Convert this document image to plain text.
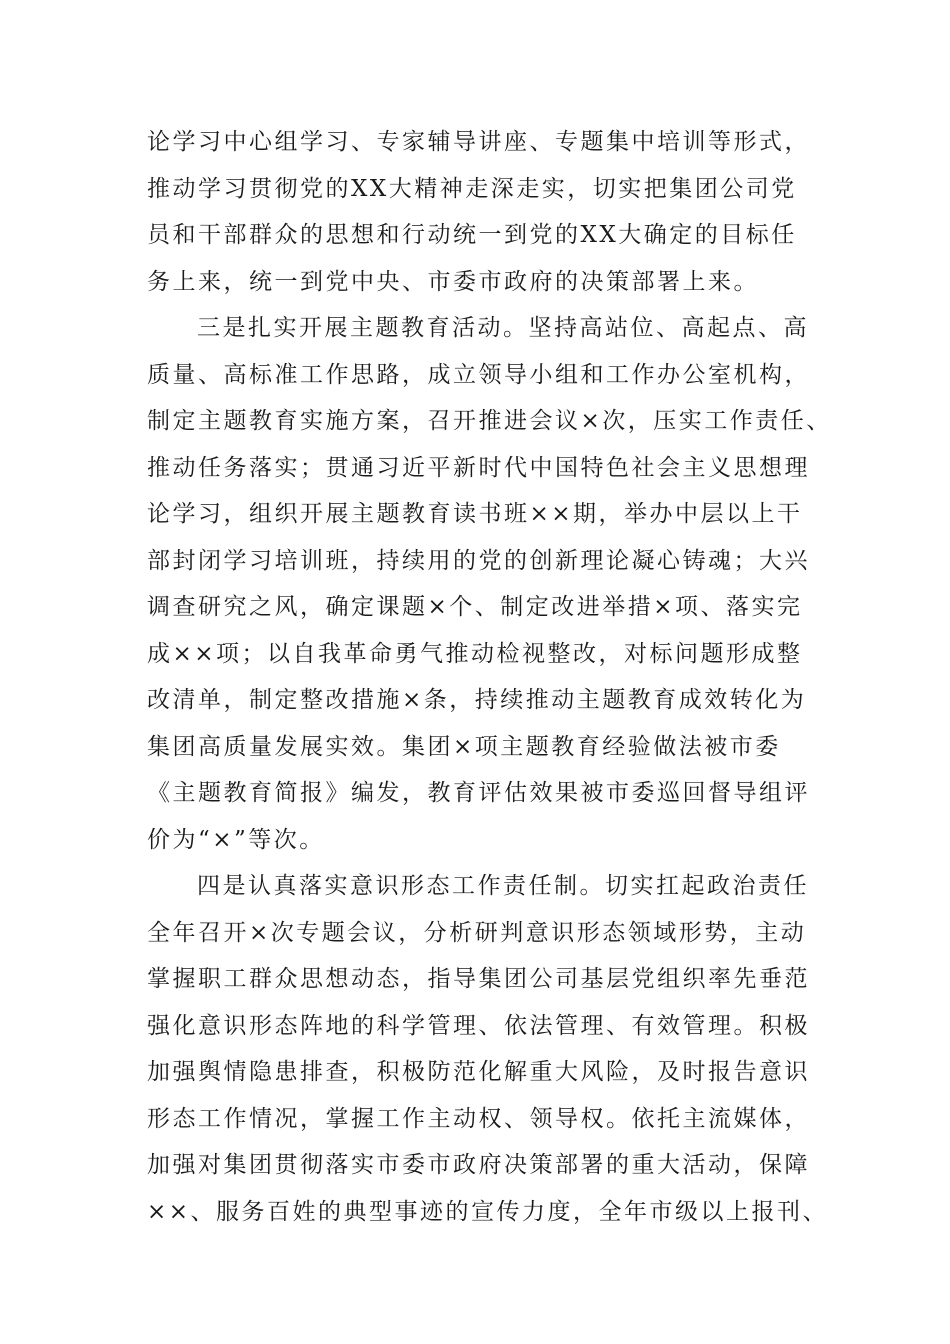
论学习中心组学习、专家辅导讲座、专题集中培训等形式，
推动学习贯彻党的XX大精神走深走实，切实把集团公司党
员和干部群众的思想和行动统一到党的XX大确定的目标任
务上来，统一到党中央、市委市政府的决策部署上来。
三是扎实开展主题教育活动。坚持高站位、高起点、高
质量、高标准工作思路，成立领导小组和工作办公室机构，
制定主题教育实施方案，召开推进会议×次，压实工作责任、
推动任务落实；贯通习近平新时代中国特色社会主义思想理
论学习，组织开展主题教育读书班××期，举办中层以上干
部封闭学习培训班，持续用的党的创新理论凝心铸魂；大兴
调查研究之风，确定课题×个、制定改进举措×项、落实完
成××项；以自我革命勇气推动检视整改，对标问题形成整
改清单，制定整改措施×条，持续推动主题教育成效转化为
集团高质量发展实效。集团×项主题教育经验做法被市委
《主题教育简报》编发，教育评估效果被市委巡回督导组评
价为“×”等次。
四是认真落实意识形态工作责任制。切实扛起政治责任
全年召开×次专题会议，分析研判意识形态领域形势，主动
掌握职工群众思想动态，指导集团公司基层党组织率先垂范
强化意识形态阵地的科学管理、依法管理、有效管理。积极
加强舆情隐患排查，积极防范化解重大风险，及时报告意识
形态工作情况，掌握工作主动权、领导权。依托主流媒体，
加强对集团贯彻落实市委市政府决策部署的重大活动，保障
××、服务百姓的典型事迹的宣传力度，全年市级以上报刊、
